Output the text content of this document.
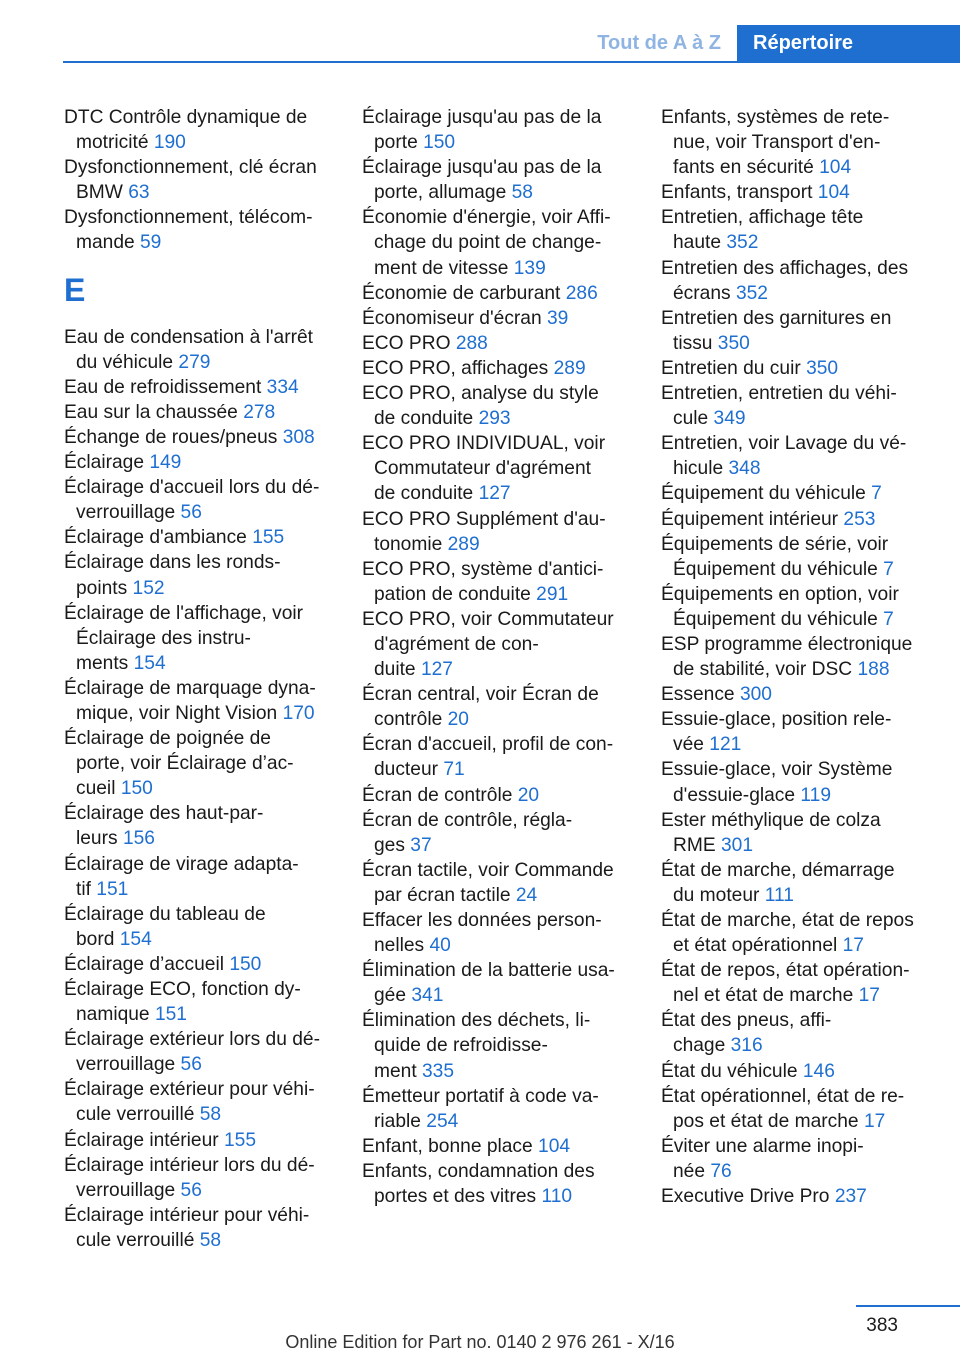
Tout de A à Z	Répertoire

DTC Contrôle dynamique de
motricité 190

Dysfonctionnement, clé écran
BMW 63

Dysfonctionnement, télécom‐
mande 59

E

Eau de condensation à l'arrêt
du véhicule 279

Eau de refroidissement 334

Eau sur la chaussée 278

Échange de roues/pneus 308

Éclairage 149

Éclairage d'accueil lors du dé‐
verrouillage 56

Éclairage d'ambiance 155

Éclairage dans les ronds-
points 152

Éclairage de l'affichage, voir
Éclairage des instru‐
ments 154

Éclairage de marquage dyna‐
mique, voir Night Vision 170

Éclairage de poignée de
porte, voir Éclairage d’ac‐
cueil 150

Éclairage des haut-par‐
leurs 156

Éclairage de virage adapta‐
tif 151

Éclairage du tableau de
bord 154

Éclairage d’accueil 150

Éclairage ECO, fonction dy‐
namique 151

Éclairage extérieur lors du dé‐
verrouillage 56

Éclairage extérieur pour véhi‐
cule verrouillé 58

Éclairage intérieur 155

Éclairage intérieur lors du dé‐
verrouillage 56

Éclairage intérieur pour véhi‐
cule verrouillé 58

Éclairage jusqu'au pas de la
porte 150

Éclairage jusqu'au pas de la
porte, allumage 58

Économie d'énergie, voir Affi‐
chage du point de change‐
ment de vitesse 139

Économie de carburant 286

Économiseur d'écran 39

ECO PRO 288

ECO PRO, affichages 289

ECO PRO, analyse du style
de conduite 293

ECO PRO INDIVIDUAL, voir
Commutateur d'agrément
de conduite 127

ECO PRO Supplément d'au‐
tonomie 289

ECO PRO, système d'antici‐
pation de conduite 291

ECO PRO, voir Commutateur
d'agrément de con‐
duite 127

Écran central, voir Écran de
contrôle 20

Écran d'accueil, profil de con‐
ducteur 71

Écran de contrôle 20

Écran de contrôle, régla‐
ges 37

Écran tactile, voir Commande
par écran tactile 24

Effacer les données person‐
nelles 40

Élimination de la batterie usa‐
gée 341

Élimination des déchets, li‐
quide de refroidisse‐
ment 335

Émetteur portatif à code va‐
riable 254

Enfant, bonne place 104

Enfants, condamnation des
portes et des vitres 110

Enfants, systèmes de rete‐
nue, voir Transport d'en‐
fants en sécurité 104

Enfants, transport 104

Entretien, affichage tête
haute 352

Entretien des affichages, des
écrans 352

Entretien des garnitures en
tissu 350

Entretien du cuir 350

Entretien, entretien du véhi‐
cule 349

Entretien, voir Lavage du vé‐
hicule 348

Équipement du véhicule 7

Équipement intérieur 253

Équipements de série, voir
Équipement du véhicule 7

Équipements en option, voir
Équipement du véhicule 7

ESP programme électronique
de stabilité, voir DSC 188

Essence 300

Essuie-glace, position rele‐
vée 121

Essuie-glace, voir Système
d'essuie-glace 119

Ester méthylique de colza
RME 301

État de marche, démarrage
du moteur 111

État de marche, état de repos
et état opérationnel 17

État de repos, état opération‐
nel et état de marche 17

État des pneus, affi‐
chage 316

État du véhicule 146

État opérationnel, état de re‐
pos et état de marche 17

Éviter une alarme inopi‐
née 76

Executive Drive Pro 237

383
Online Edition for Part no. 0140 2 976 261 - X/16
